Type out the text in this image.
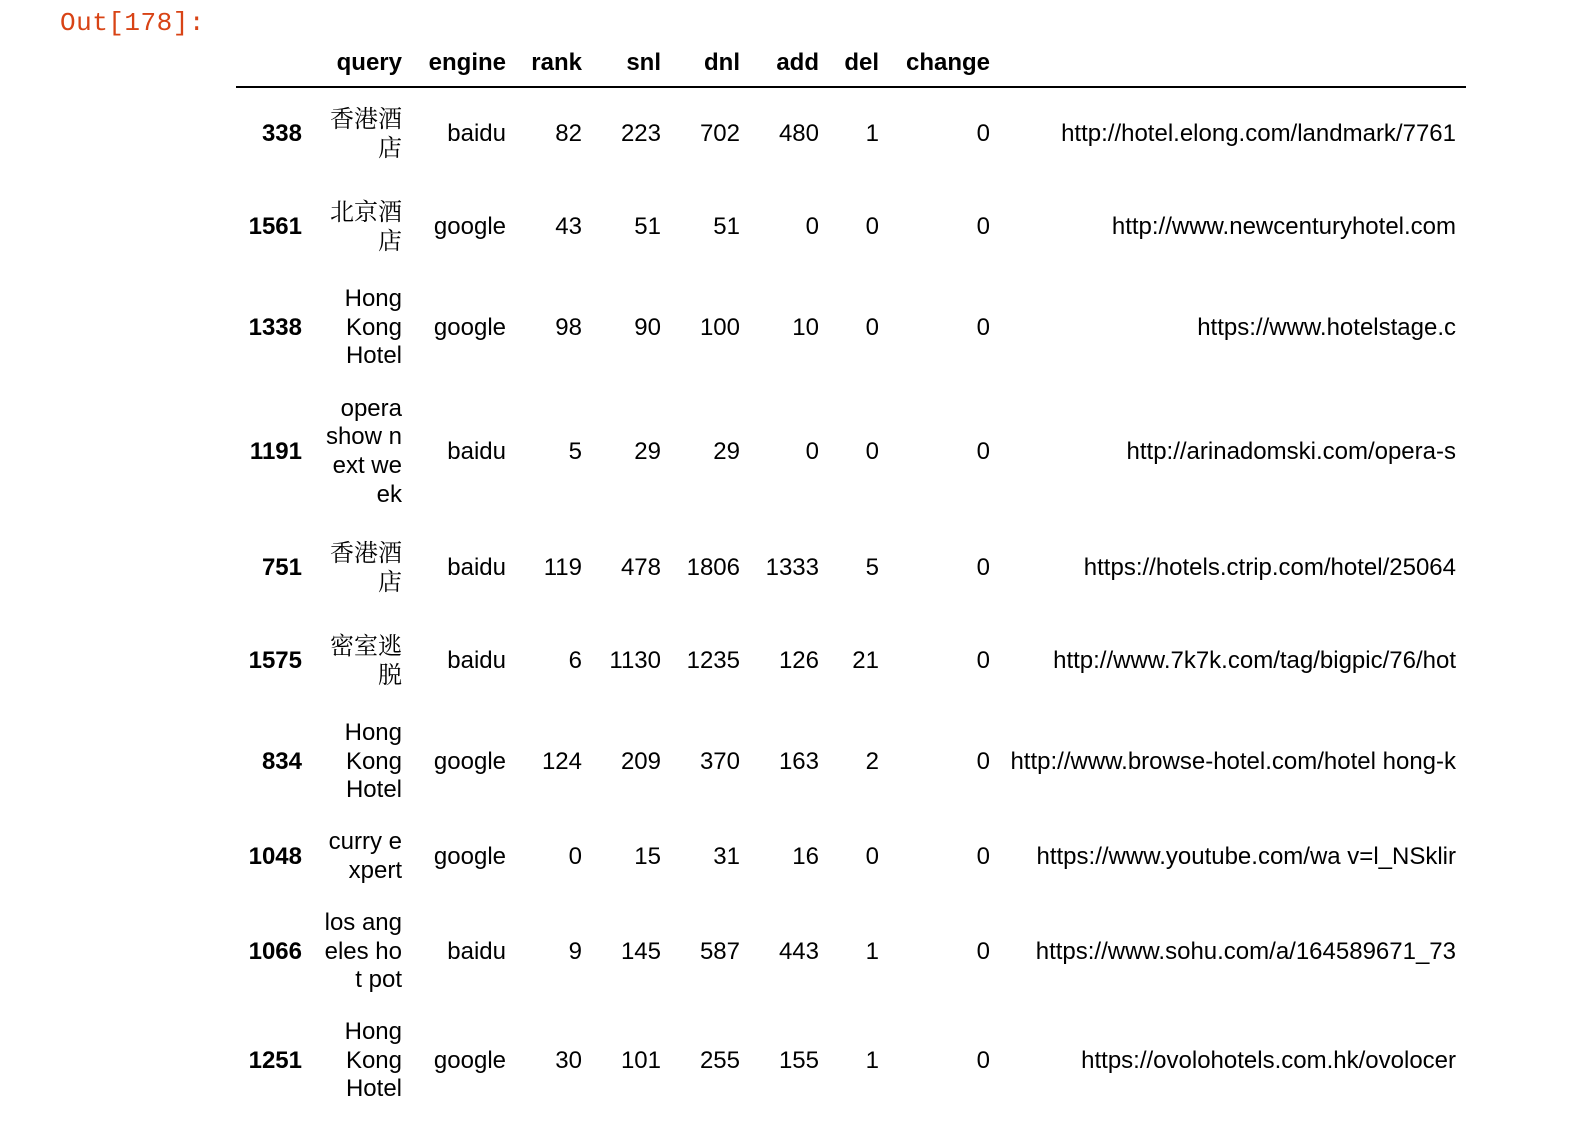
Out[178]:
	query	engine	rank	snl	dnl	add	del	change	
338	香港酒店	baidu	82	223	702	480	1	0	http://hotel.elong.com/landmark/7761
1561	北京酒店	google	43	51	51	0	0	0	http://www.newcenturyhotel.com
1338	Hong Kong Hotel	google	98	90	100	10	0	0	https://www.hotelstage.c
1191	opera show next week	baidu	5	29	29	0	0	0	http://arinadomski.com/opera-s
751	香港酒店	baidu	119	478	1806	1333	5	0	https://hotels.ctrip.com/hotel/25064
1575	密室逃脱	baidu	6	1130	1235	126	21	0	http://www.7k7k.com/tag/bigpic/76/hot
834	Hong Kong Hotel	google	124	209	370	163	2	0	http://www.browse-hotel.com/hotel hong-k
1048	curry expert	google	0	15	31	16	0	0	https://www.youtube.com/wa v=l_NSklir
1066	los angeles hot pot	baidu	9	145	587	443	1	0	https://www.sohu.com/a/164589671_73
1251	Hong Kong Hotel	google	30	101	255	155	1	0	https://ovolohotels.com.hk/ovolocer
